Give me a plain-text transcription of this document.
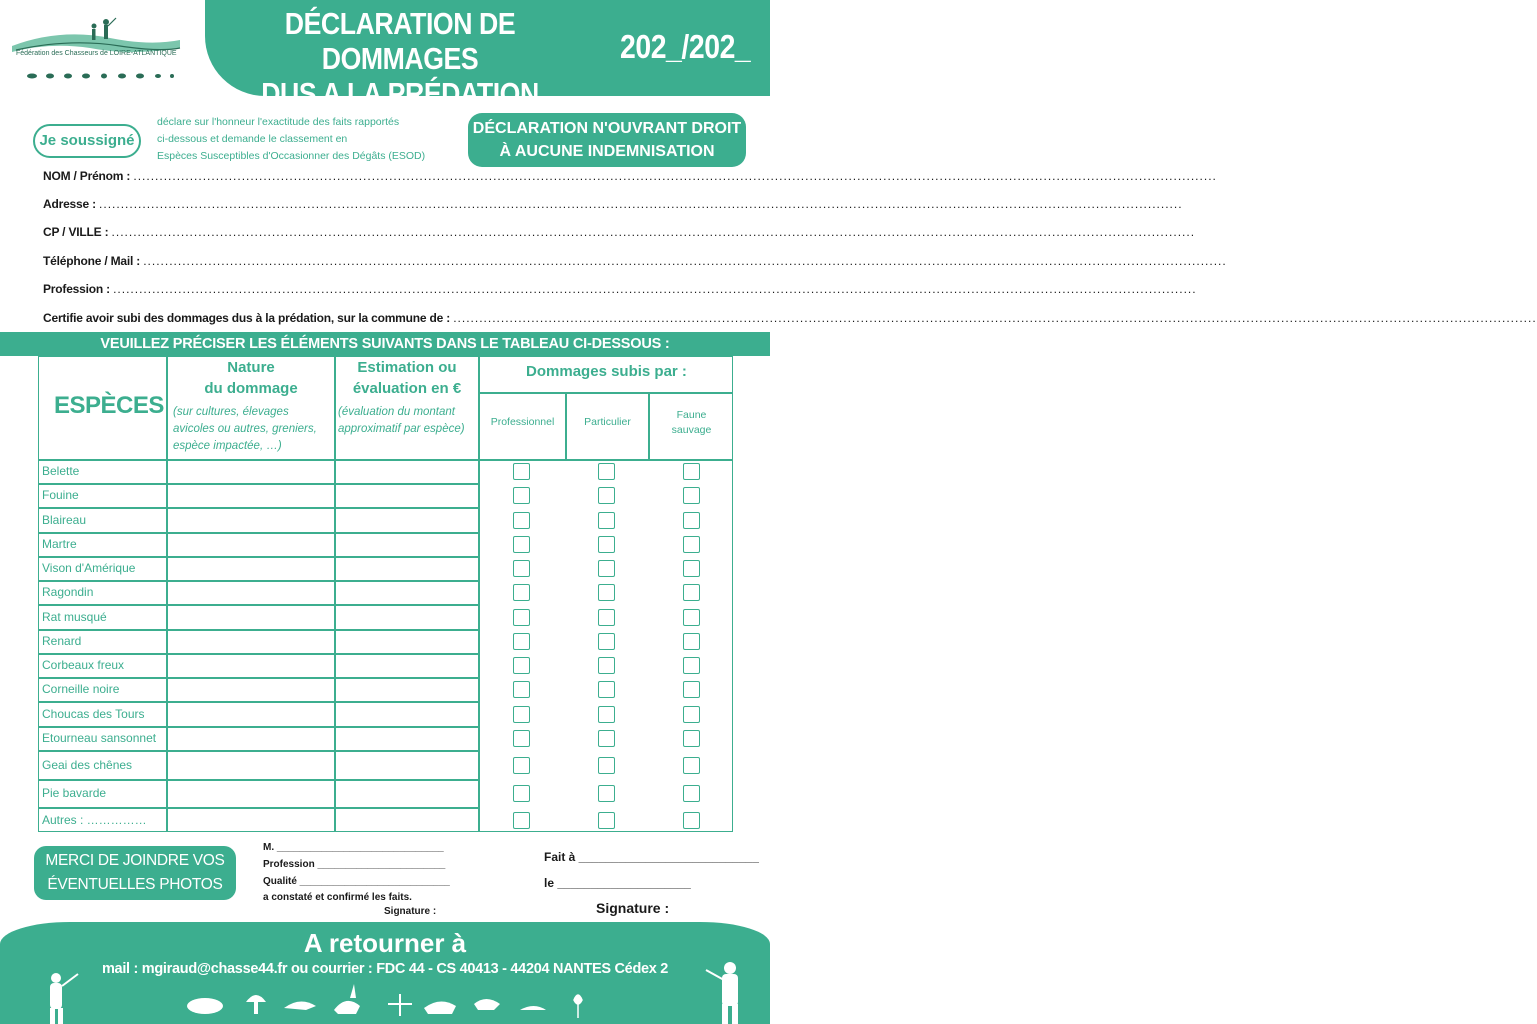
DÉCLARATION DE DOMMAGES
DUS A LA PRÉDATION
202_/202_
Fédération des Chasseurs de LOIRE-ATLANTIQUE
Je soussigné
déclare sur l'honneur l'exactitude des faits rapportés
ci-dessous et demande le classement en
Espèces Susceptibles d'Occasionner des Dégâts (ESOD)
DÉCLARATION N'OUVRANT DROIT
À AUCUNE INDEMNISATION
NOM / Prénom : ..........................................................................................................................................................................................................................................................
Adresse : ..........................................................................................................................................................................................................................................................
CP / VILLE : ..........................................................................................................................................................................................................................................................
Téléphone / Mail : ..........................................................................................................................................................................................................................................................
Profession : ..........................................................................................................................................................................................................................................................
Certifie avoir subi des dommages dus à la prédation, sur la commune de : ..........................................................................................................................................................................................................................................................
VEUILLEZ PRÉCISER LES ÉLÉMENTS SUIVANTS DANS LE TABLEAU CI-DESSOUS :
ESPÈCES
Nature
du dommage
(sur cultures, élevages avicoles ou autres, greniers, espèce impactée, …)
Estimation ou
évaluation en €
(évaluation du montant approximatif par espèce)
Dommages subis par :
Professionnel	Particulier
Faune
sauvage
Belette
Fouine
Blaireau
Martre
Vison d'Amérique
Ragondin
Rat musqué
Renard
Corbeaux freux
Corneille noire
Choucas des Tours
Etourneau sansonnet
Geai des chênes
Pie bavarde
Autres : ……………
MERCI DE JOINDRE VOS
ÉVENTUELLES PHOTOS
M. ______________________________
Profession _______________________
Qualité ___________________________
a constaté et confirmé les faits.
Signature :
Fait à ___________________________
le ____________________
Signature :
A retourner à
mail : mgiraud@chasse44.fr ou courrier : FDC 44 - CS 40413 - 44204 NANTES Cédex 2
